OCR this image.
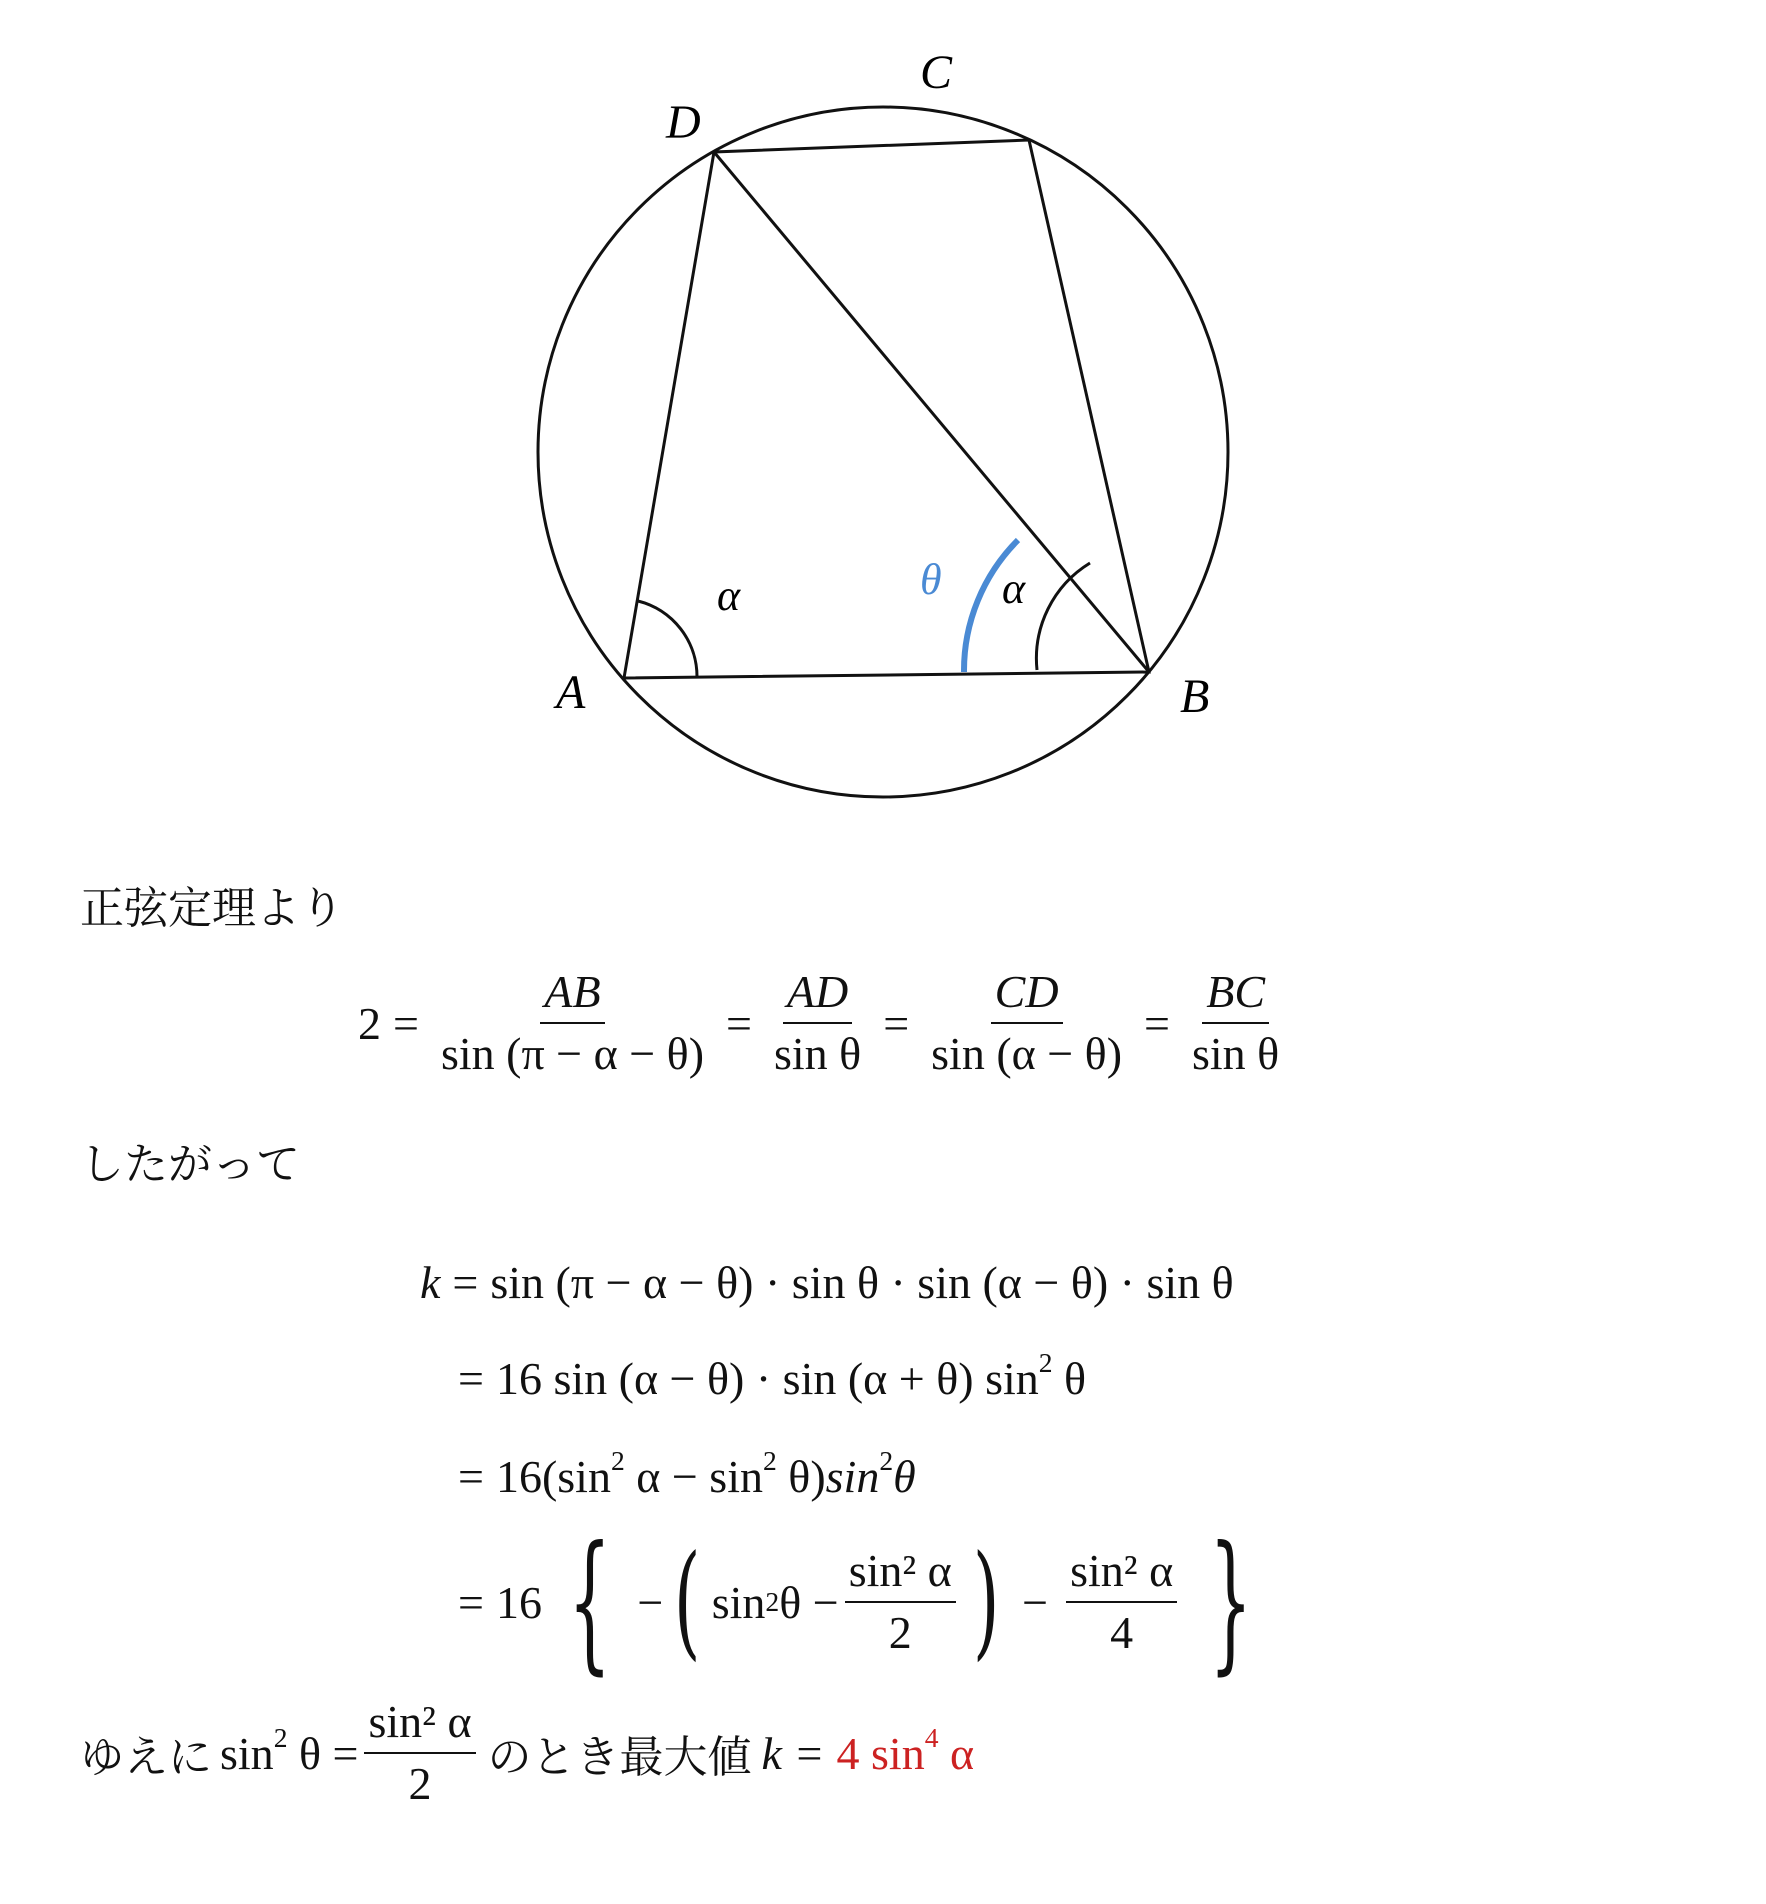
A	B
C
D
α	α
θ
正弦定理より
$2 = \frac{AB}{\sin (\pi - \alpha - \theta)} = \frac{AD}{\text{sin θ}} = \frac{CD}{\sin (\alpha - \theta)} = \frac{BC}{\text{sin θ}}$
したがって
k = sin (π − α − θ) · sin θ · sin (α − θ) · sin θ
= 16 sin (α − θ) · sin (α + θ) $\sin^2 \theta$
= $16(\sin^2$ $\alpha - \sin^2 \theta)\sin^2\theta$
= 16 { − ( sin 2 $\theta - \frac{\text{sin² α}}{2}$ ) − $\frac{\text{sin² α}}{4}$ }
ゆえに $\sin^2 \theta = \frac{\text{sin² α}}{2}$ のとき最大値 k = 4 $\sin^4 \alpha$
